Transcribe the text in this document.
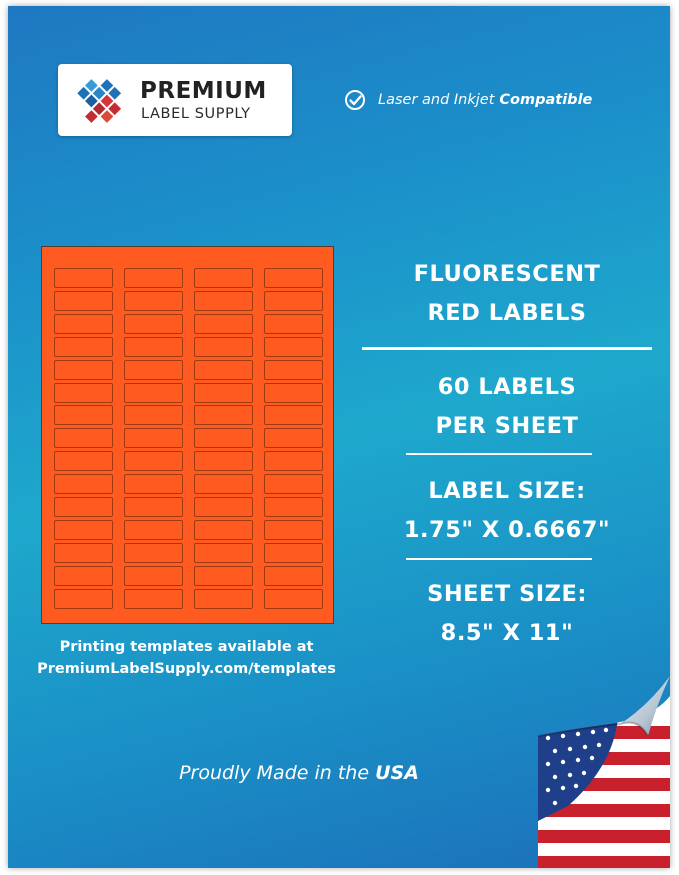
PREMIUM
LABEL SUPPLY
Laser and Inkjet Compatible
Printing templates available at
PremiumLabelSupply.com/templates
FLUORESCENT
RED LABELS
60 LABELS
PER SHEET
LABEL SIZE:
1.75" X 0.6667"
SHEET SIZE:
8.5" X 11"
Proudly Made in the USA
